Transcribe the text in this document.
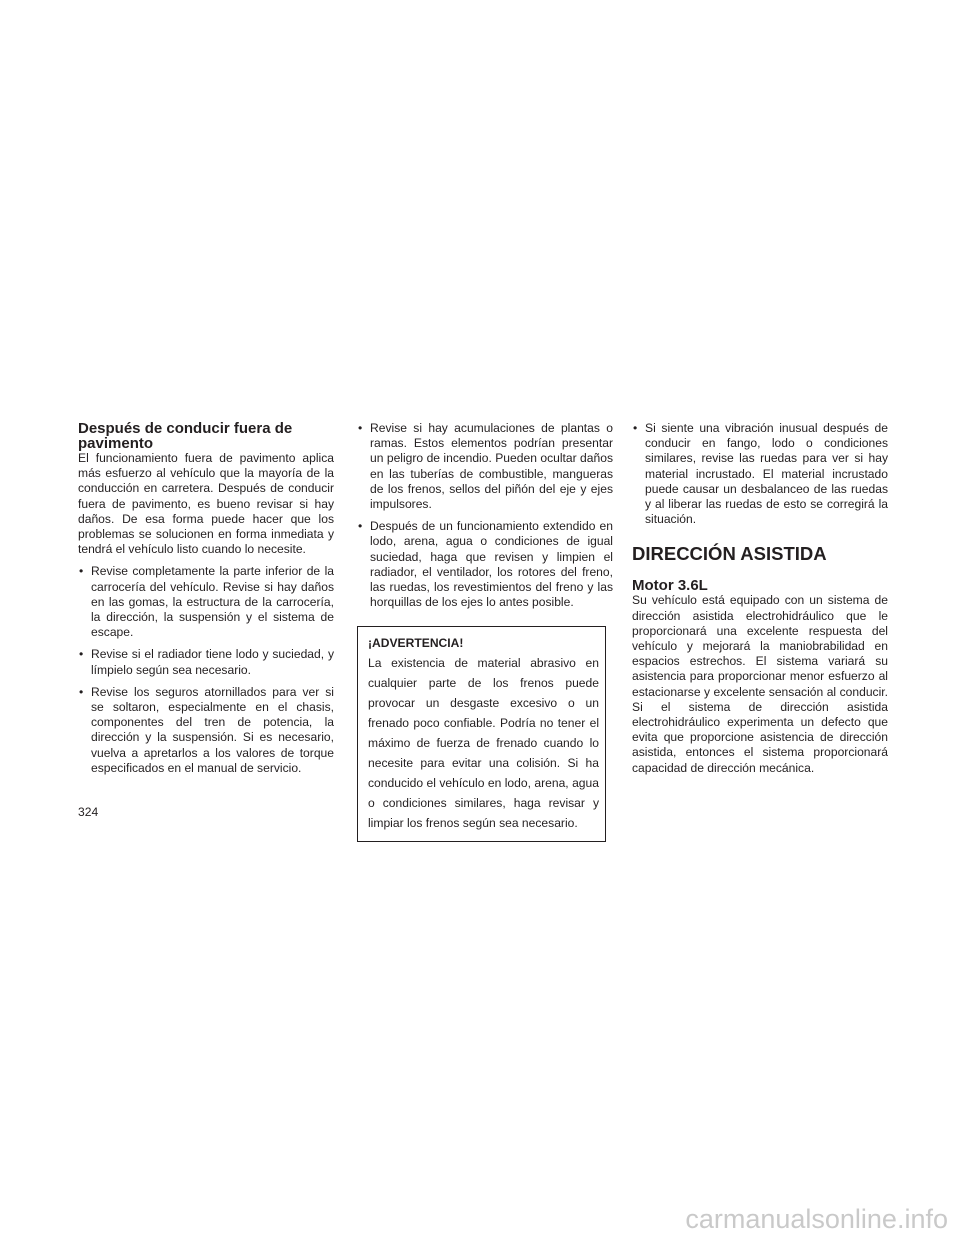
Después de conducir fuera de pavimento

El funcionamiento fuera de pavimento aplica más esfuerzo al vehículo que la mayoría de la conducción en carretera. Después de conducir fuera de pavimento, es bueno revisar si hay daños. De esa forma puede hacer que los problemas se solucionen en forma inmediata y tendrá el vehículo listo cuando lo necesite.

• Revise completamente la parte inferior de la carrocería del vehículo. Revise si hay daños en las gomas, la estructura de la carrocería, la dirección, la suspensión y el sistema de escape.
• Revise si el radiador tiene lodo y suciedad, y límpielo según sea necesario.
• Revise los seguros atornillados para ver si se soltaron, especialmente en el chasis, componentes del tren de potencia, la dirección y la suspensión. Si es necesario, vuelva a apretarlos a los valores de torque especificados en el manual de servicio.
• Revise si hay acumulaciones de plantas o ramas. Estos elementos podrían presentar un peligro de incendio. Pueden ocultar daños en las tuberías de combustible, mangueras de los frenos, sellos del piñón del eje y ejes impulsores.
• Después de un funcionamiento extendido en lodo, arena, agua o condiciones de igual suciedad, haga que revisen y limpien el radiador, el ventilador, los rotores del freno, las ruedas, los revestimientos del freno y las horquillas de los ejes lo antes posible.

¡ADVERTENCIA!

La existencia de material abrasivo en cualquier parte de los frenos puede provocar un desgaste excesivo o un frenado poco confiable. Podría no tener el máximo de fuerza de frenado cuando lo necesite para evitar una colisión. Si ha conducido el vehículo en lodo, arena, agua o condiciones similares, haga revisar y limpiar los frenos según sea necesario.

• Si siente una vibración inusual después de conducir en fango, lodo o condiciones similares, revise las ruedas para ver si hay material incrustado. El material incrustado puede causar un desbalanceo de las ruedas y al liberar las ruedas de esto se corregirá la situación.
DIRECCIÓN ASISTIDA
Motor 3.6L

Su vehículo está equipado con un sistema de dirección asistida electrohidráulico que le proporcionará una excelente respuesta del vehículo y mejorará la maniobrabilidad en espacios estrechos. El sistema variará su asistencia para proporcionar menor esfuerzo al estacionarse y excelente sensación al conducir. Si el sistema de dirección asistida electrohidráulico experimenta un defecto que evita que proporcione asistencia de dirección asistida, entonces el sistema proporcionará capacidad de dirección mecánica.

324
carmanualsonline.info
